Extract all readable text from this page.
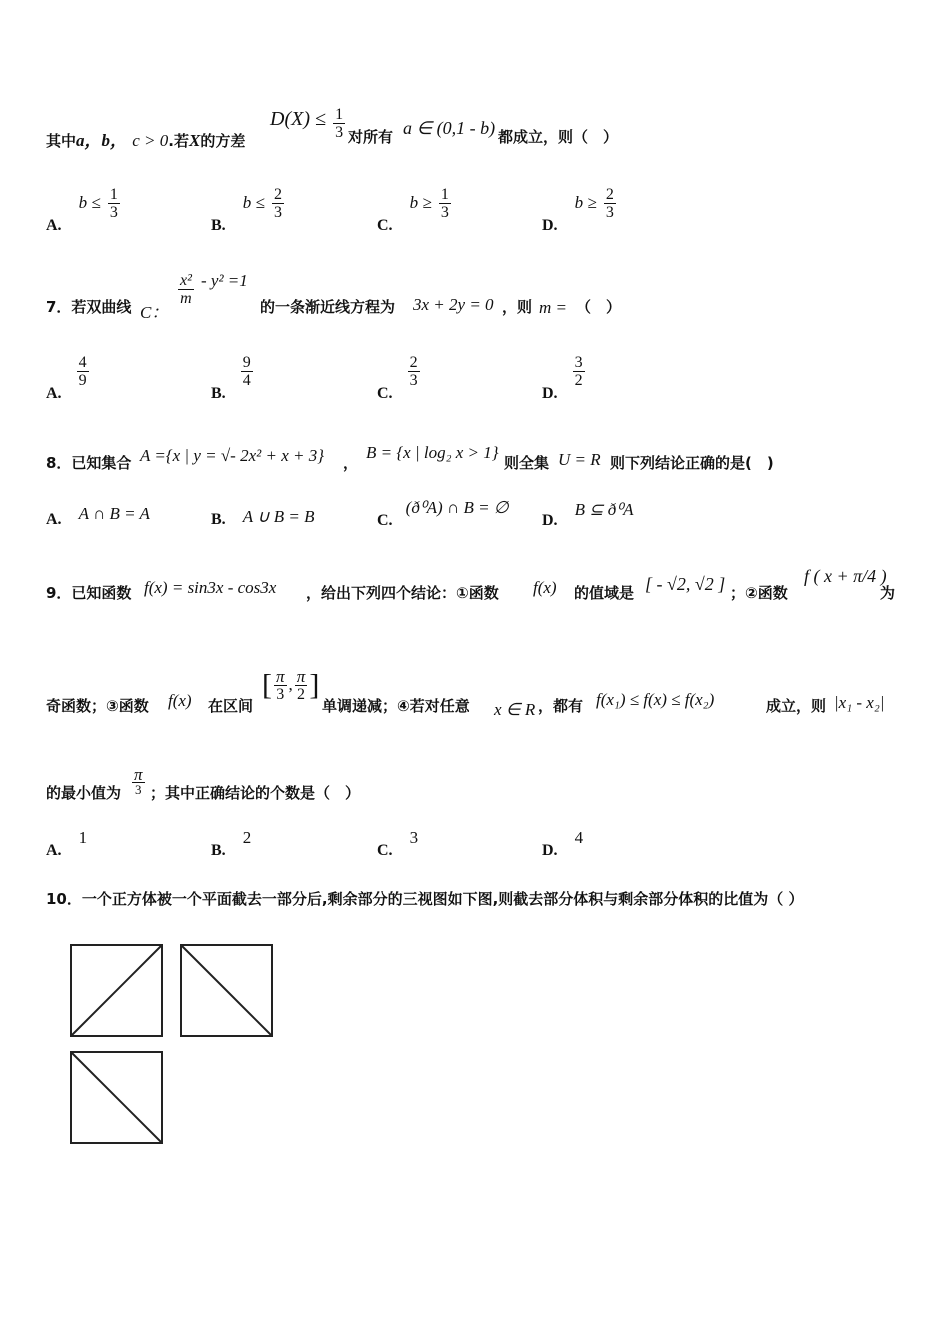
其中a，b， c > 0.若X的方差
$D(X) \le \frac{1}{3}$ 对所有 a ∈ (0,1 - b) 都成立，则（　）
A. $b \le \frac{1}{3}$
B. $b \le \frac{2}{3}$
C. $b \ge \frac{1}{3}$
D. $b \ge \frac{2}{3}$
7．若双曲线 C：
$\frac{\text{x²}}{m} - y^2 =1$
的一条渐近线方程为 3x + 2y = 0 ，则 m = （　）
A.
$\frac{4}{9}$
B.
$\frac{9}{4}$
C.
$\frac{2}{3}$
D.
$\frac{3}{2}$
8．已知集合 A ={x | y = √- 2x² + x + 3} ，
B = {x | log₂ x > 1}
则全集 U = R 则下列结论正确的是(　)
A. A ∩ B = A	B. A ∪ B = B	C. (ð⁰A) ∩ B = ∅
D. B ⊆ ð⁰A
9．已知函数 f(x) = sin3x - cos3x ，给出下列四个结论：①函数 f(x) 的值域是 [ - √2, √2 ] ；②函数
f ( x + π/4 )
为
奇函数；③函数 f(x) 在区间
[ $\frac{\pi}{3}$ , $\frac{\pi}{2}$ ]
单调递减；④若对任意 x ∈ R ，都有 f(x₁) ≤ f(x) ≤ f(x₂)	成立，则 |x₁ - x₂|
的最小值为 $\frac{\pi}{3}$ ；其中正确结论的个数是（　）
A. 1
B. 2
C. 3
D. 4
10．一个正方体被一个平面截去一部分后,剩余部分的三视图如下图,则截去部分体积与剩余部分体积的比值为（ ）
